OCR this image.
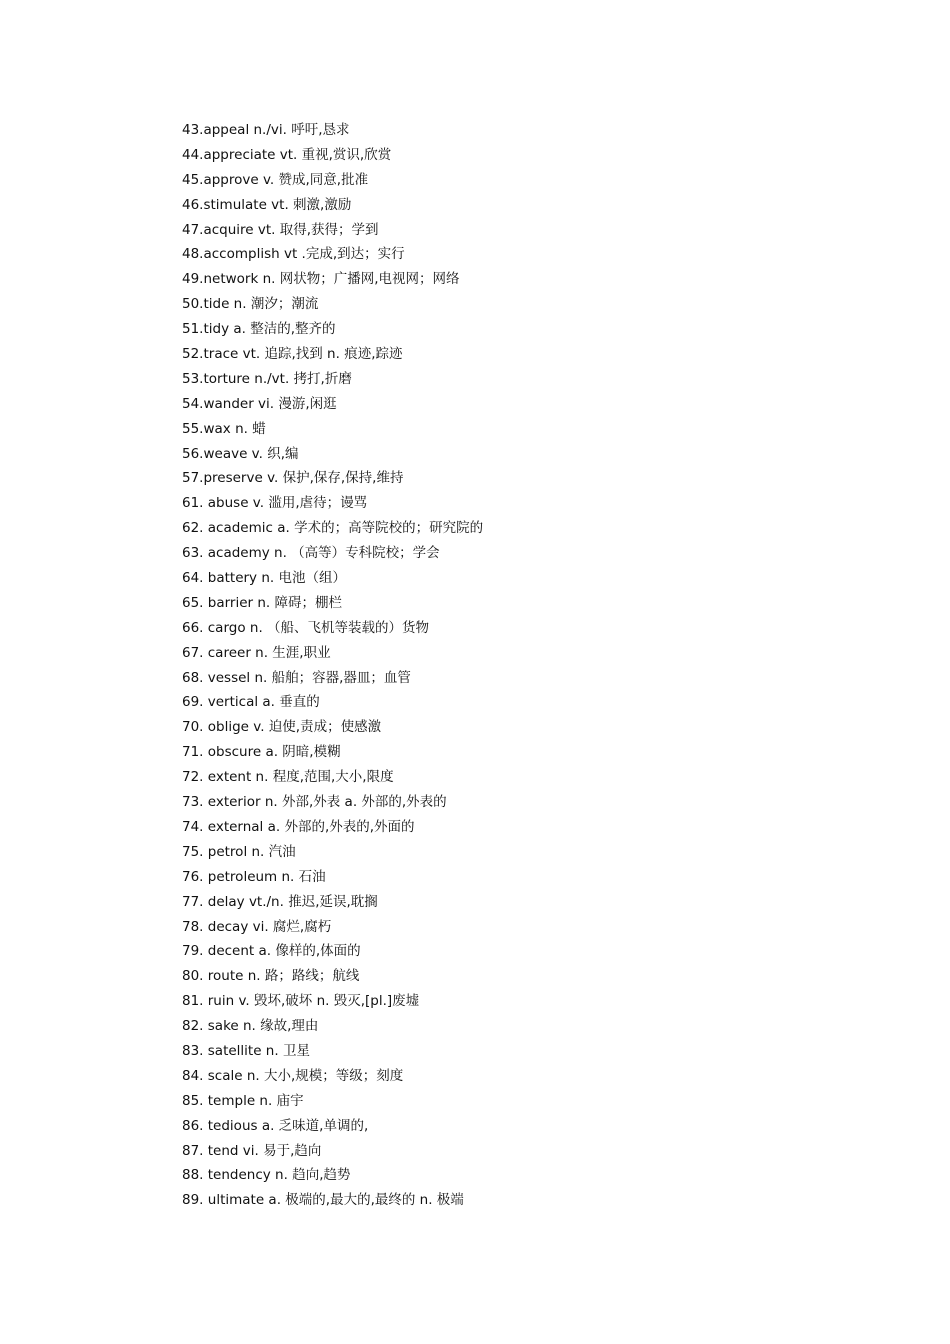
43.appeal n./vi. 呼吁,恳求
44.appreciate vt. 重视,赏识,欣赏
45.approve v. 赞成,同意,批准
46.stimulate vt. 刺激,激励
47.acquire vt. 取得,获得；学到
48.accomplish vt .完成,到达；实行
49.network n. 网状物；广播网,电视网；网络
50.tide n. 潮汐；潮流
51.tidy a. 整洁的,整齐的
52.trace vt. 追踪,找到 n. 痕迹,踪迹
53.torture n./vt. 拷打,折磨
54.wander vi. 漫游,闲逛
55.wax n. 蜡
56.weave v. 织,编
57.preserve v. 保护,保存,保持,维持
61. abuse v. 滥用,虐待；谩骂
62. academic a. 学术的；高等院校的；研究院的
63. academy n. （高等）专科院校；学会
64. battery n. 电池（组）
65. barrier n. 障碍；棚栏
66. cargo n. （船、飞机等装载的）货物
67. career n. 生涯,职业
68. vessel n. 船舶；容器,器皿；血管
69. vertical a. 垂直的
70. oblige v. 迫使,责成；使感激
71. obscure a. 阴暗,模糊
72. extent n. 程度,范围,大小,限度
73. exterior n. 外部,外表 a. 外部的,外表的
74. external a. 外部的,外表的,外面的
75. petrol n. 汽油
76. petroleum n. 石油
77. delay vt./n. 推迟,延误,耽搁
78. decay vi. 腐烂,腐朽
79. decent a. 像样的,体面的
80. route n. 路；路线；航线
81. ruin v. 毁坏,破坏 n. 毁灭,[pl.]废墟
82. sake n. 缘故,理由
83. satellite n. 卫星
84. scale n. 大小,规模；等级；刻度
85. temple n. 庙宇
86. tedious a. 乏味道,单调的,
87. tend vi. 易于,趋向
88. tendency n. 趋向,趋势
89. ultimate a. 极端的,最大的,最终的 n. 极端
